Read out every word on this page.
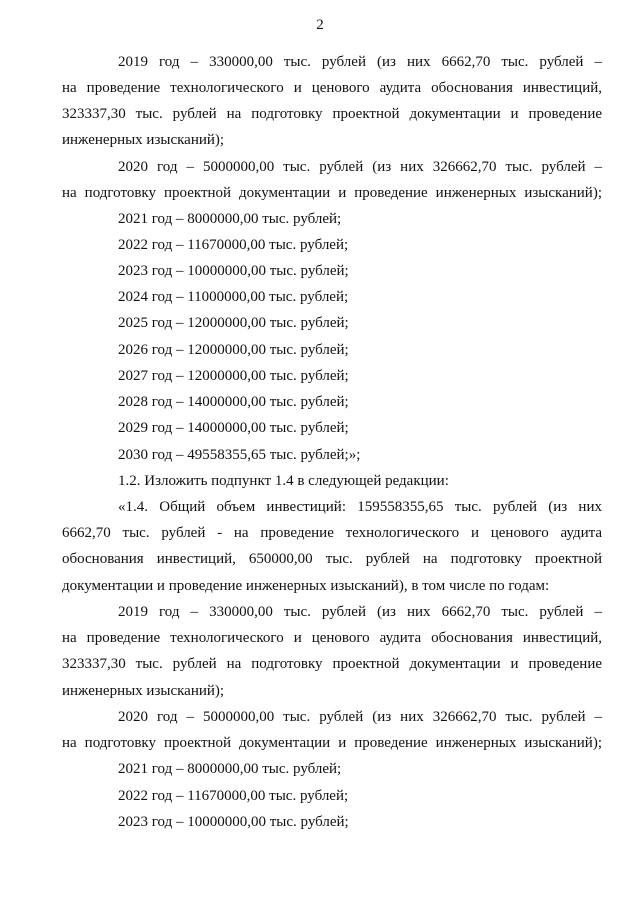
2
2019 год – 330000,00 тыс. рублей (из них 6662,70 тыс. рублей –
на проведение технологического и ценового аудита обоснования инвестиций,
323337,30 тыс. рублей на подготовку проектной документации и проведение
инженерных изысканий);
2020 год – 5000000,00 тыс. рублей (из них 326662,70 тыс. рублей –
на подготовку проектной документации и проведение инженерных изысканий);
2021 год – 8000000,00 тыс. рублей;
2022 год – 11670000,00 тыс. рублей;
2023 год – 10000000,00 тыс. рублей;
2024 год – 11000000,00 тыс. рублей;
2025 год – 12000000,00 тыс. рублей;
2026 год – 12000000,00 тыс. рублей;
2027 год – 12000000,00 тыс. рублей;
2028 год – 14000000,00 тыс. рублей;
2029 год – 14000000,00 тыс. рублей;
2030 год – 49558355,65 тыс. рублей;»;
1.2. Изложить подпункт 1.4 в следующей редакции:
«1.4. Общий объем инвестиций: 159558355,65 тыс. рублей (из них
6662,70 тыс. рублей - на проведение технологического и ценового аудита
обоснования инвестиций, 650000,00 тыс. рублей на подготовку проектной
документации и проведение инженерных изысканий), в том числе по годам:
2019 год – 330000,00 тыс. рублей (из них 6662,70 тыс. рублей –
на проведение технологического и ценового аудита обоснования инвестиций,
323337,30 тыс. рублей на подготовку проектной документации и проведение
инженерных изысканий);
2020 год – 5000000,00 тыс. рублей (из них 326662,70 тыс. рублей –
на подготовку проектной документации и проведение инженерных изысканий);
2021 год – 8000000,00 тыс. рублей;
2022 год – 11670000,00 тыс. рублей;
2023 год – 10000000,00 тыс. рублей;
